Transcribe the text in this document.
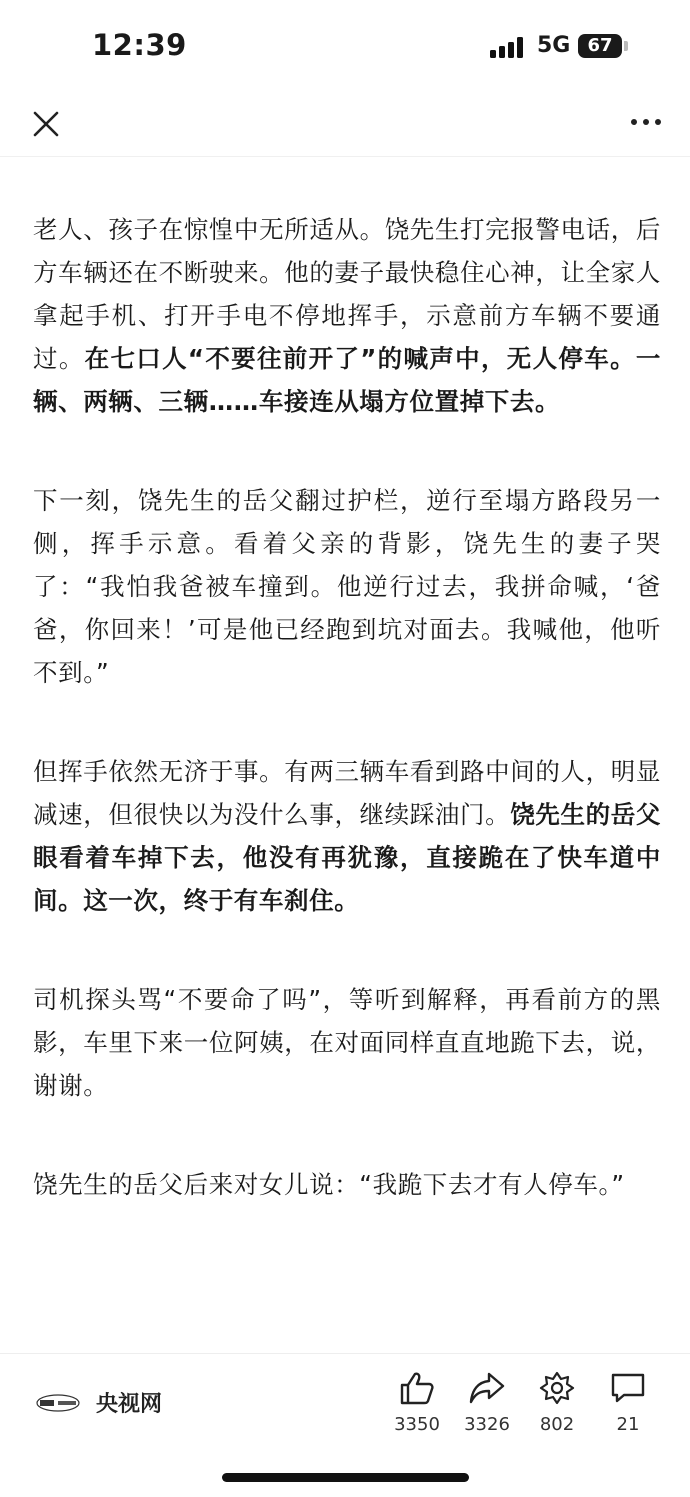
12:39	5G 67

老人、孩子在惊惶中无所适从。饶先生打完报警电话，后方车辆还在不断驶来。他的妻子最快稳住心神，让全家人拿起手机、打开手电不停地挥手，示意前方车辆不要通过。在七口人“不要往前开了”的喊声中，无人停车。一辆、两辆、三辆……车接连从塌方位置掉下去。

下一刻，饶先生的岳父翻过护栏，逆行至塌方路段另一侧，挥手示意。看着父亲的背影，饶先生的妻子哭了：“我怕我爸被车撞到。他逆行过去，我拼命喊，‘爸爸，你回来！’可是他已经跑到坑对面去。我喊他，他听不到。”

但挥手依然无济于事。有两三辆车看到路中间的人，明显减速，但很快以为没什么事，继续踩油门。饶先生的岳父眼看着车掉下去，他没有再犹豫，直接跪在了快车道中间。这一次，终于有车刹住。

司机探头骂“不要命了吗”，等听到解释，再看前方的黑影，车里下来一位阿姨，在对面同样直直地跪下去，说，谢谢。

饶先生的岳父后来对女儿说：“我跪下去才有人停车。”

央视网
3350	3326	802	21
